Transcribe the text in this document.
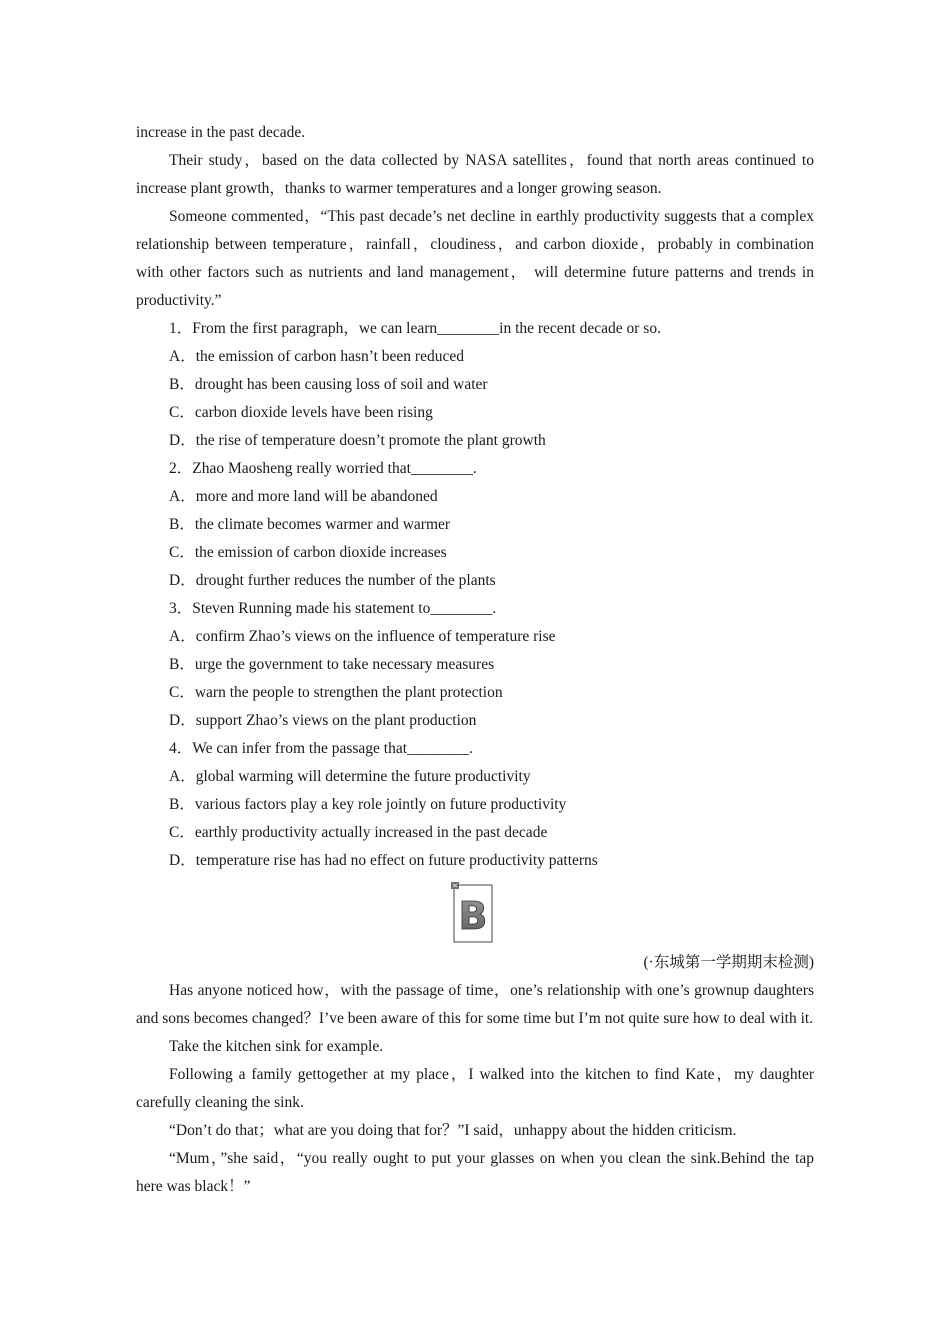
increase in the past decade.

Their study，based on the data collected by NASA satellites，found that north areas continued to increase plant growth，thanks to warmer temperatures and a longer growing season.

Someone commented，“This past decade’s net decline in earthly productivity suggests that a complex relationship between temperature，rainfall，cloudiness，and carbon dioxide，probably in combination with other factors such as nutrients and land management， will determine future patterns and trends in productivity.”

1．From the first paragraph，we can learn________in the recent decade or so.

A．the emission of carbon hasn’t been reduced

B．drought has been causing loss of soil and water

C．carbon dioxide levels have been rising

D．the rise of temperature doesn’t promote the plant growth

2．Zhao Maosheng really worried that________.

A．more and more land will be abandoned

B．the climate becomes warmer and warmer

C．the emission of carbon dioxide increases

D．drought further reduces the number of the plants

3．Steven Running made his statement to________.

A．confirm Zhao’s views on the influence of temperature rise

B．urge the government to take necessary measures

C．warn the people to strengthen the plant protection

D．support Zhao’s views on the plant production

4．We can infer from the passage that________.

A．global warming will determine the future productivity

B．various factors play a key role jointly on future productivity

C．earthly productivity actually increased in the past decade

D．temperature rise has had no effect on future productivity patterns

B

(·东城第一学期期末检测)

Has anyone noticed how，with the passage of time，one’s relationship with one’s grownup daughters and sons becomes changed？I’ve been aware of this for some time but I’m not quite sure how to deal with it.

Take the kitchen sink for example.

Following a family gettogether at my place，I walked into the kitchen to find Kate，my daughter carefully cleaning the sink.

“Don’t do that；what are you doing that for？”I said，unhappy about the hidden criticism.

“Mum，”she said，“you really ought to put your glasses on when you clean the sink.Behind the tap here was black！”
